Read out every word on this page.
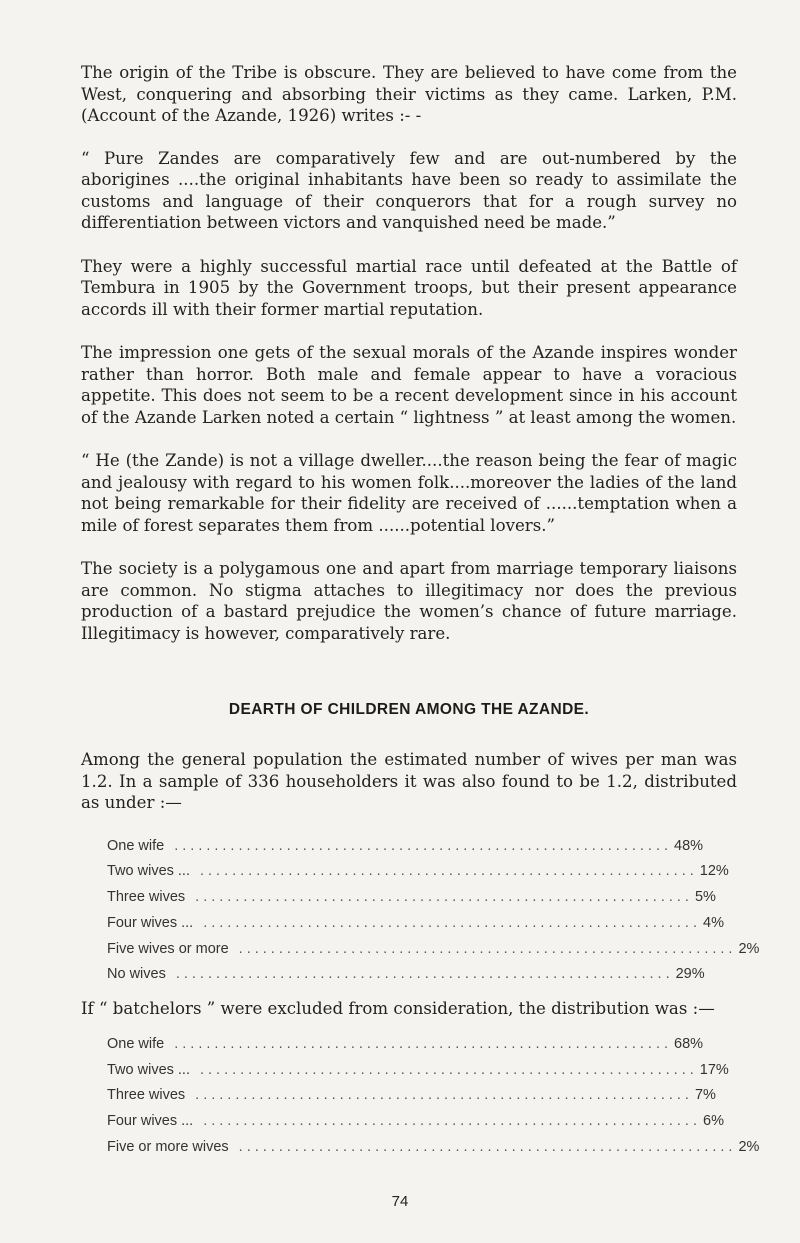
The origin of the Tribe is obscure. They are believed to have come from the West, conquering and absorbing their victims as they came. Larken, P.M. (Account of the Azande, 1926) writes :- -

“ Pure Zandes are comparatively few and are out-numbered by the aborigines ....the original inhabitants have been so ready to assimilate the customs and language of their conquerors that for a rough survey no differentiation between victors and vanquished need be made.”

They were a highly successful martial race until defeated at the Battle of Tembura in 1905 by the Government troops, but their present appearance accords ill with their former martial reputation.

The impression one gets of the sexual morals of the Azande inspires wonder rather than horror. Both male and female appear to have a voracious appetite. This does not seem to be a recent development since in his account of the Azande Larken noted a certain “ lightness ” at least among the women.

“ He (the Zande) is not a village dweller....the reason being the fear of magic and jealousy with regard to his women folk....moreover the ladies of the land not being remarkable for their fidelity are received of ......temptation when a mile of forest separates them from ......potential lovers.”

The society is a polygamous one and apart from marriage temporary liaisons are common. No stigma attaches to illegitimacy nor does the previous production of a bastard prejudice the women’s chance of future marriage. Illegitimacy is however, comparatively rare.

DEARTH OF CHILDREN AMONG THE AZANDE.

Among the general population the estimated number of wives per man was 1.2. In a sample of 336 householders it was also found to be 1.2, distributed as under :—

One wife .............................................................. 48%
Two wives ... .............................................................. 12%
Three wives .............................................................. 5%
Four wives ... .............................................................. 4%
Five wives or more .............................................................. 2%
No wives .............................................................. 29%

If “ batchelors ” were excluded from consideration, the distribution was :—

One wife .............................................................. 68%
Two wives ... .............................................................. 17%
Three wives .............................................................. 7%
Four wives ... .............................................................. 6%
Five or more wives .............................................................. 2%
74
